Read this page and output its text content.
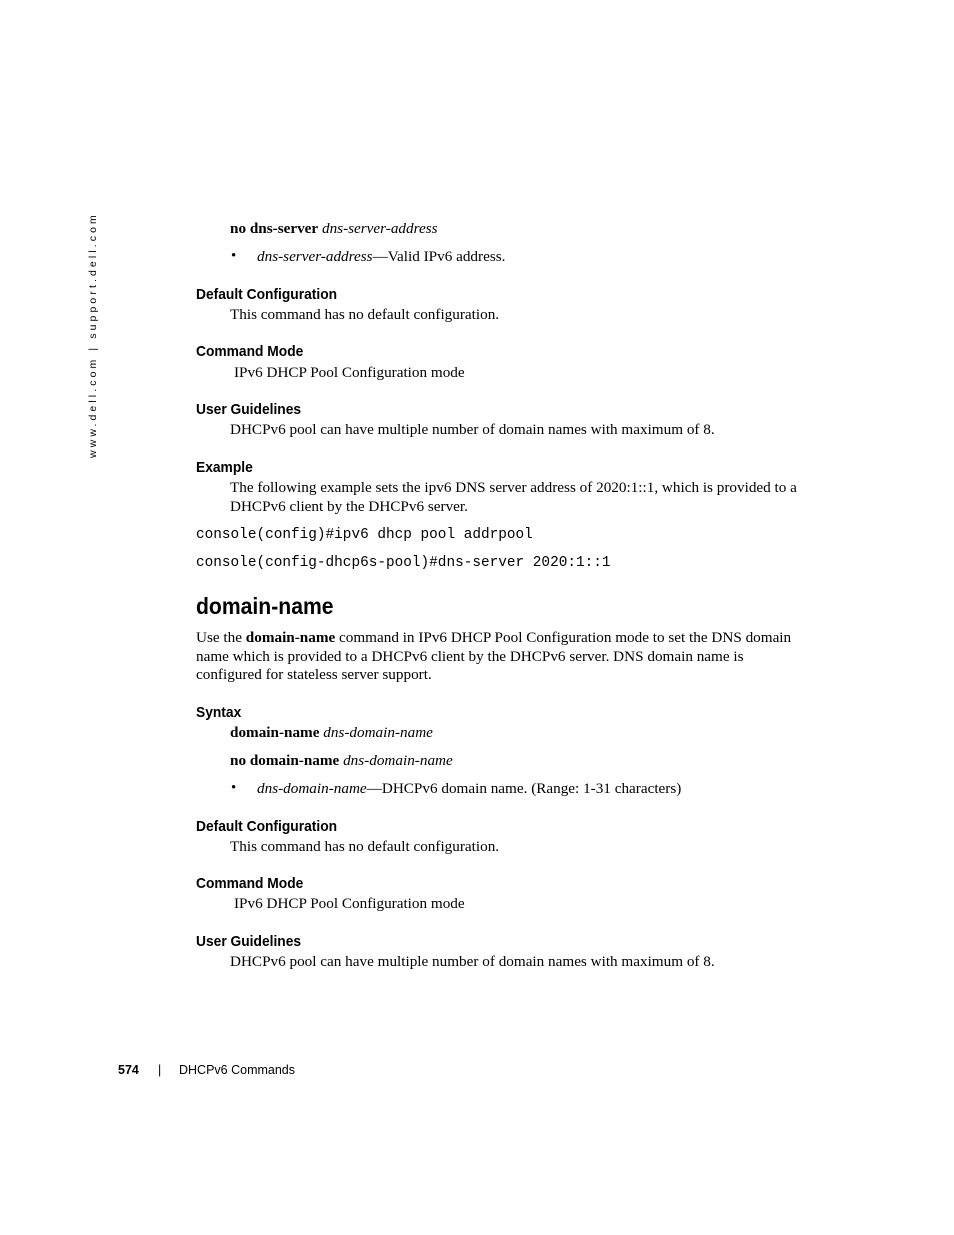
www.dell.com | support.dell.com	no dns-server dns-server-address
• dns-server-address—Valid IPv6 address.
Default Configuration
This command has no default configuration.
Command Mode
IPv6 DHCP Pool Configuration mode
User Guidelines
DHCPv6 pool can have multiple number of domain names with maximum of 8.
Example
The following example sets the ipv6 DNS server address of 2020:1::1, which is provided to a
DHCPv6 client by the DHCPv6 server.
console(config)#ipv6 dhcp pool addrpool
console(config-dhcp6s-pool)#dns-server 2020:1::1
domain-name
Use the domain-name command in IPv6 DHCP Pool Configuration mode to set the DNS domain
name which is provided to a DHCPv6 client by the DHCPv6 server. DNS domain name is
configured for stateless server support.
Syntax
domain-name dns-domain-name
no domain-name dns-domain-name
• dns-domain-name—DHCPv6 domain name. (Range: 1-31 characters)
Default Configuration
This command has no default configuration.
Command Mode
IPv6 DHCP Pool Configuration mode
User Guidelines
DHCPv6 pool can have multiple number of domain names with maximum of 8.
574 | DHCPv6 Commands
